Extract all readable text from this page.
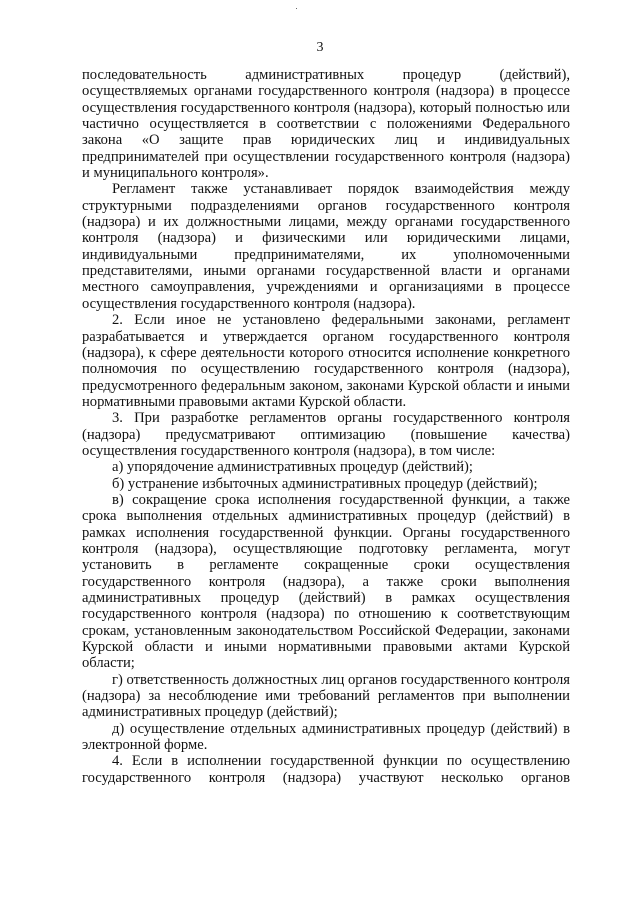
3

последовательность административных процедур (действий), осуществляемых органами государственного контроля (надзора) в процессе осуществления государственного контроля (надзора), который полностью или частично осуществляется в соответствии с положениями Федерального закона «О защите прав юридических лиц и индивидуальных предпринимателей при осуществлении государственного контроля (надзора) и муниципального контроля».

Регламент также устанавливает порядок взаимодействия между структурными подразделениями органов государственного контроля (надзора) и их должностными лицами, между органами государственного контроля (надзора) и физическими или юридическими лицами, индивидуальными предпринимателями, их уполномоченными представителями, иными органами государственной власти и органами местного самоуправления, учреждениями и организациями в процессе осуществления государственного контроля (надзора).

2. Если иное не установлено федеральными законами, регламент разрабатывается и утверждается органом государственного контроля (надзора), к сфере деятельности которого относится исполнение конкретного полномочия по осуществлению государственного контроля (надзора), предусмотренного федеральным законом, законами Курской области и иными нормативными правовыми актами Курской области.

3. При разработке регламентов органы государственного контроля (надзора) предусматривают оптимизацию (повышение качества) осуществления государственного контроля (надзора), в том числе:

а) упорядочение административных процедур (действий);

б) устранение избыточных административных процедур (действий);

в) сокращение срока исполнения государственной функции, а также срока выполнения отдельных административных процедур (действий) в рамках исполнения государственной функции. Органы государственного контроля (надзора), осуществляющие подготовку регламента, могут установить в регламенте сокращенные сроки осуществления государственного контроля (надзора), а также сроки выполнения административных процедур (действий) в рамках осуществления государственного контроля (надзора) по отношению к соответствующим срокам, установленным законодательством Российской Федерации, законами Курской области и иными нормативными правовыми актами Курской области;

г) ответственность должностных лиц органов государственного контроля (надзора) за несоблюдение ими требований регламентов при выполнении административных процедур (действий);

д) осуществление отдельных административных процедур (действий) в электронной форме.

4. Если в исполнении государственной функции по осуществлению государственного контроля (надзора) участвуют несколько органов
